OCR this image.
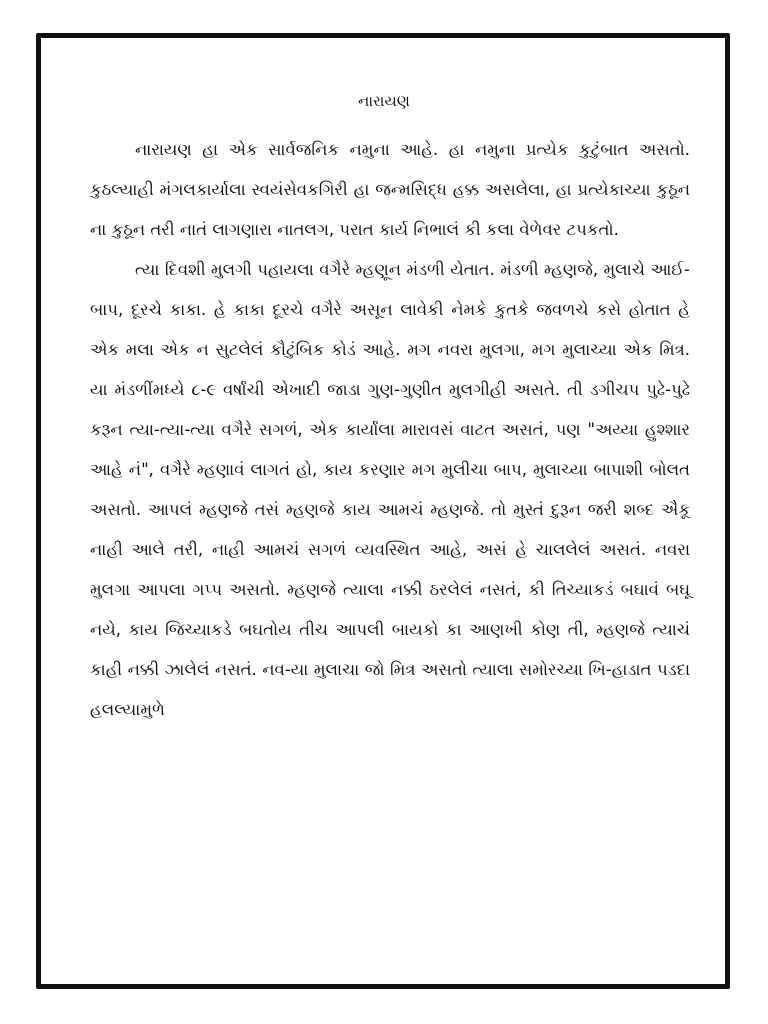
નારાયણ

નારાયણ હા એક સાર્વજનિક નમુના આહે. હા નમુના પ્રત્યેક કુટુંબાત અસતો. કુઠલ્યાહી મંગલકાર્યાલા સ્વયંસેવકગિરી હા જન્મસિદ્ધ હક્ક અસલેલા, હા પ્રત્યેકાચ્યા કુઠૂન ના કુઠૂન તરી નાતં લાગણારા નાતલગ, પરાત કાર્ય નિભાલં કી કલા વેળેવર ટપકતો.

ત્યા દિવશી મુલગી પહાયલા વગૈરે મ્હણૂન મંડળી યેતાત. મંડળી મ્હણજે, મુલાચે આઈ-બાપ, દૂરચે કાકા. હે કાકા દૂરચે વગૈરે અસૂન લાવેકી નેમકે કુતકે જવળચે કસે હોતાત હે એક મલા એક ન સુટલેલં કૌટુંબિક કોડં આહે. મગ નવરા મુલગા, મગ મુલાચ્યા એક મિત્ર. યા મંડળીંમધ્યે ૮-૯ વર્ષાંચી એખાદી જાડા ગુણ-ગુણીત મુલગીહી અસતે. તી ડગીચપ પુઢે-પુઢે કરૂન ત્યા-ત્યા-ત્યા વગૈરે સગળં, એક કાર્યાંલા મારાવસં વાટત અસતં, પણ "અય્યા હુશ્શાર આહે નં", વગૈરે મ્હણાવં લાગતં હો, કાય કરણાર મગ મુલીચા બાપ, મુલાચ્યા બાપાશી બોલત અસતો. આપલં મ્હણજે તસં મ્હણજે કાય આમચં મ્હણજે. તો મુસ્તં દુરૂન જરી શબ્દ ઐકૂ નાહી આલે તરી, નાહી આમચં સગળં વ્યવસ્થિત આહે, અસં હે ચાલલેલં અસતં. નવરા મુલગા આપલા ગપ્પ અસતો. મ્હણજે ત્યાલા નક્કી ઠરલેલં નસતં, કી તિચ્યાકડં બઘાવં બઘૂ નયે, કાય જિચ્યાકડે બઘતોય તીચ આપલી બાયકો કા આણખી કોણ તી, મ્હણજે ત્યાચં કાહી નક્કી ઝાલેલં નસતં. નવ-યા મુલાચા જો મિત્ર અસતો ત્યાલા સમોરચ્યા ખિ-હાડાત પડદા હલલ્યામુળે
